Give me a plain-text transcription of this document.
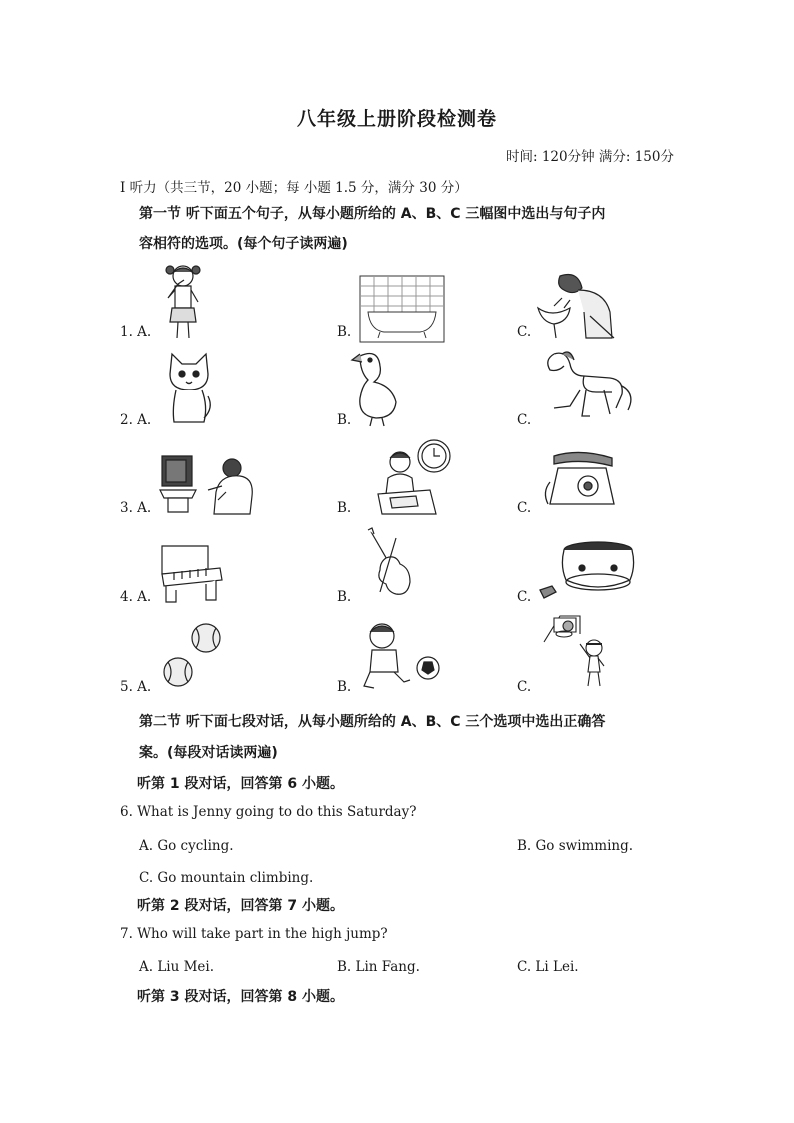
八年级上册阶段检测卷
时间: 120分钟 满分: 150分
I 听力（共三节，20 小题；每 小题 1.5 分，满分 30 分）
第一节 听下面五个句子，从每小题所给的 A、B、C 三幅图中选出与句子内
容相符的选项。(每个句子读两遍)
1. A.	B.	C.
2. A.	B.	C.
3. A.	B.	C.
4. A.	B.	C.
5. A.	B.	C.
第二节 听下面七段对话，从每小题所给的 A、B、C 三个选项中选出正确答
案。(每段对话读两遍)
听第 1 段对话，回答第 6 小题。
6. What is Jenny going to do this Saturday?
A. Go cycling.	B. Go swimming.
C. Go mountain climbing.
听第 2 段对话，回答第 7 小题。
7. Who will take part in the high jump?
A. Liu Mei.	B. Lin Fang.	C. Li Lei.
听第 3 段对话，回答第 8 小题。
